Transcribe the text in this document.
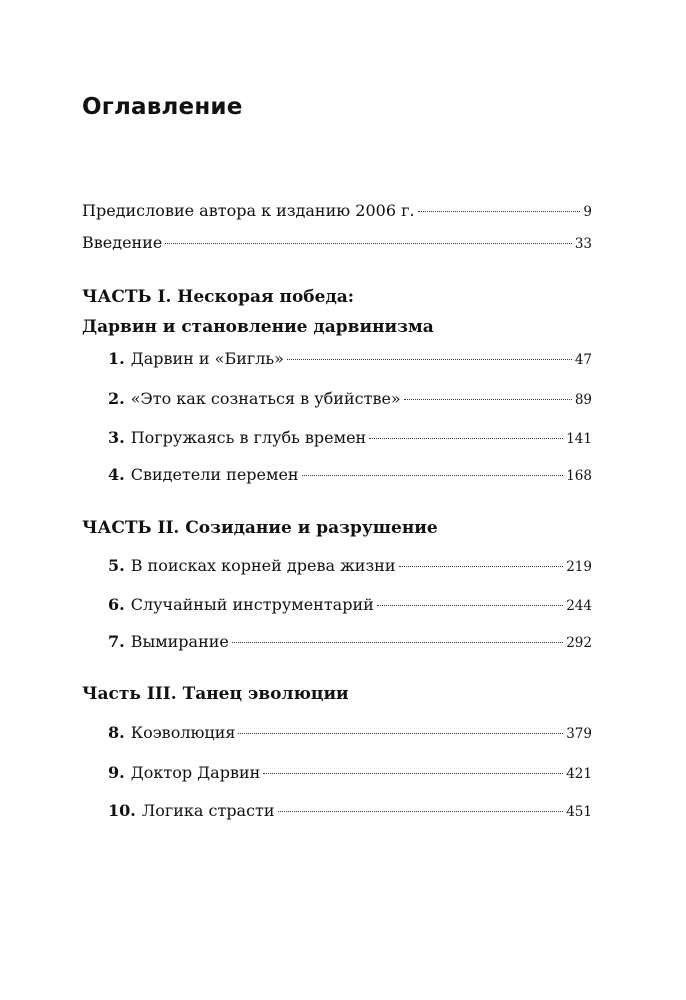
Оглавление
Предисловие автора к изданию 2006 г.	9
Введение	33
ЧАСТЬ I. Нескорая победа:
Дарвин и становление дарвинизма
1. Дарвин и «Бигль»	47
2. «Это как сознаться в убийстве»	89
3. Погружаясь в глубь времен	141
4. Свидетели перемен	168
ЧАСТЬ II. Созидание и разрушение
5. В поисках корней древа жизни	219
6. Случайный инструментарий	244
7. Вымирание	292
Часть III. Танец эволюции
8. Коэволюция	379
9. Доктор Дарвин	421
10. Логика страсти	451
